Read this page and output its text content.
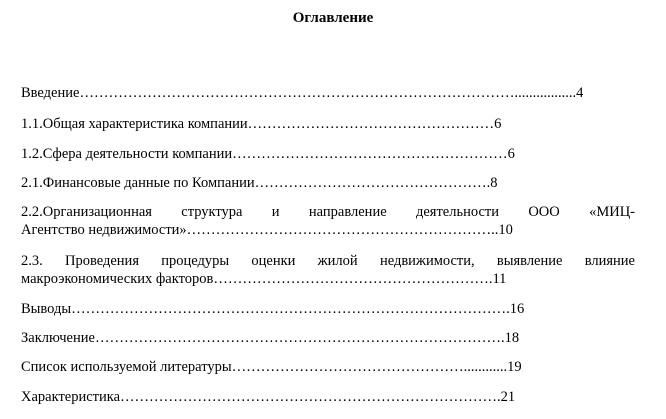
Оглавление
Введение……………………………………………………………………………….................4
1.1.Общая характеристика компании……………………………………………6
1.2.Сфера деятельности компании…………………………………………………6
2.1.Финансовые данные по Компании………………………………………….8
2.2.Организационная структура и направление деятельности ООО «МИЦ-
Агентство недвижимости»………………………………………………………..10
2.3. Проведения процедуры оценки жилой недвижимости, выявление влияние
макроэкономических факторов………………………………………………….11
Выводы……………………………………………………………………………….16
Заключение………………………………………………………………………….18
Список используемой литературы…………………………………………............19
Характеристика…………………………………………………………………….21
